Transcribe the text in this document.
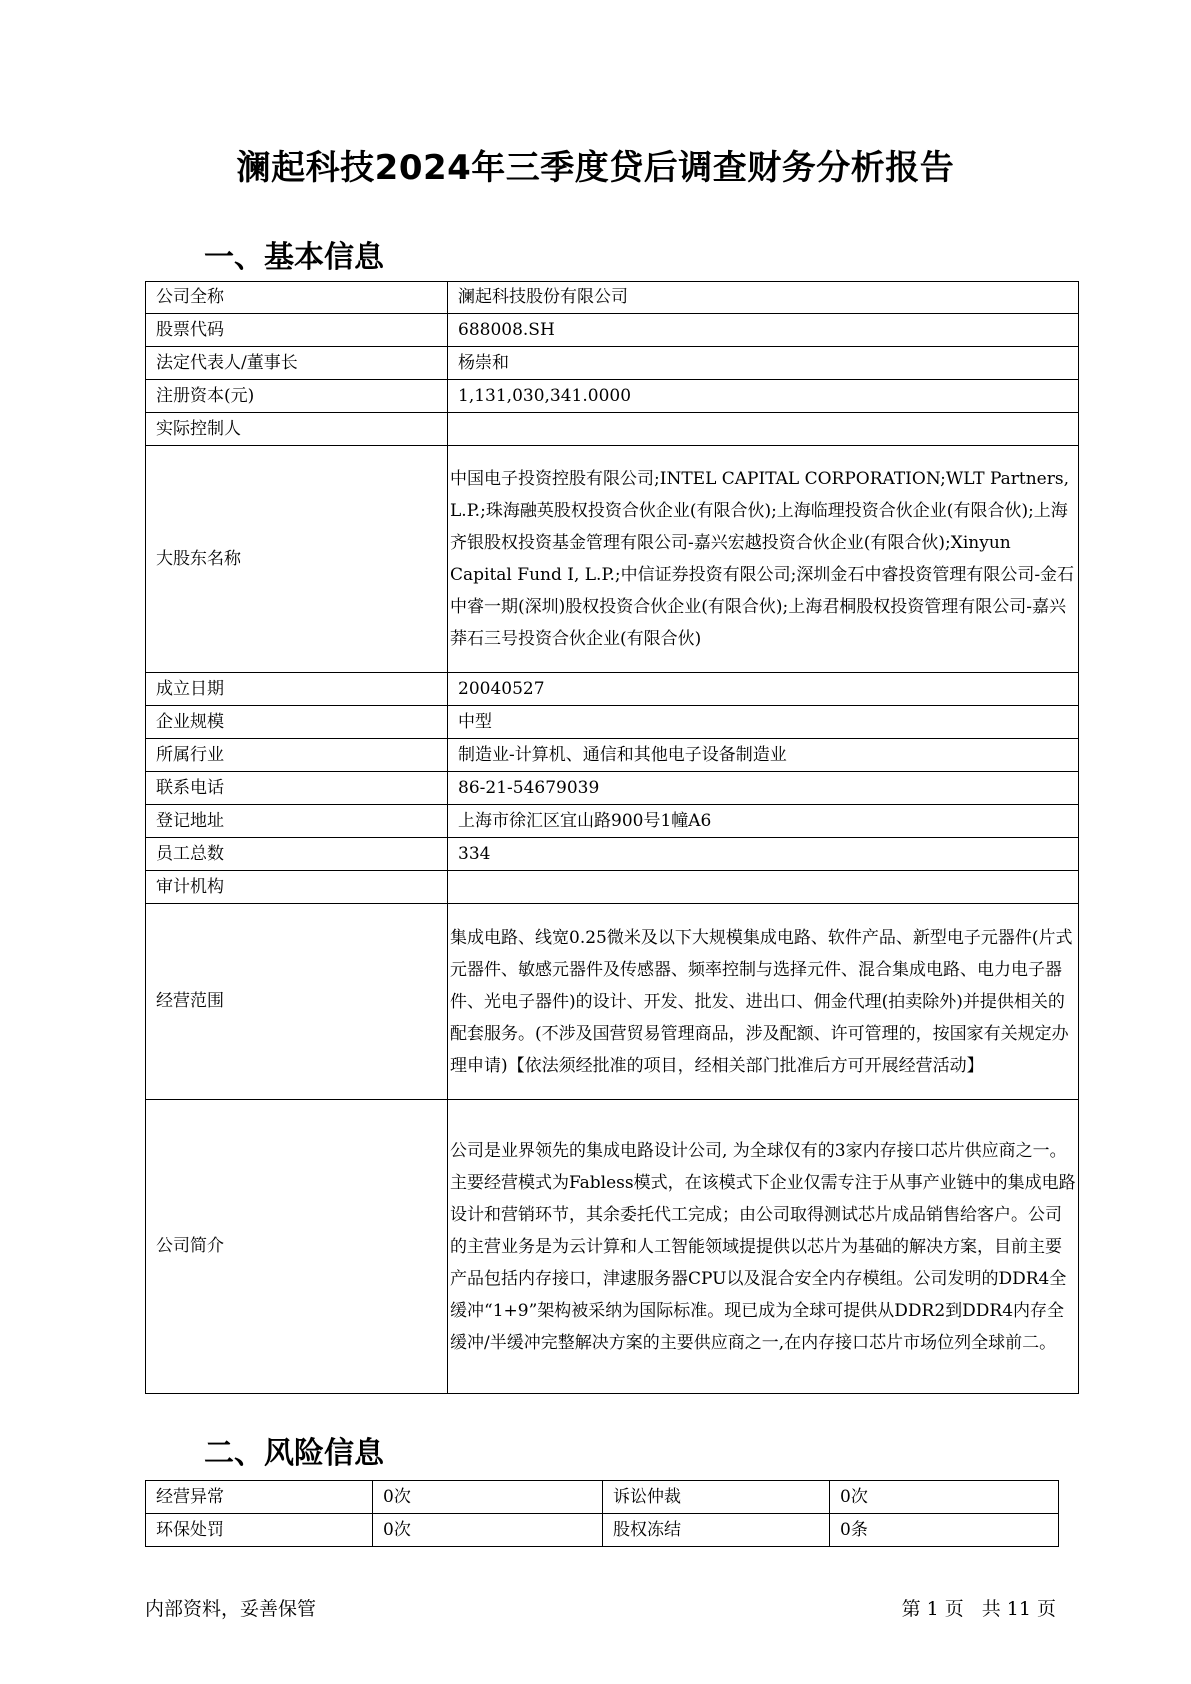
澜起科技2024年三季度贷后调查财务分析报告
一、基本信息
公司全称	澜起科技股份有限公司
股票代码	688008.SH
法定代表人/董事长	杨崇和
注册资本(元)	1,131,030,341.0000
实际控制人	
大股东名称	中国电子投资控股有限公司;INTEL CAPITAL CORPORATION;WLT Partners, L.P.;珠海融英股权投资合伙企业(有限合伙);上海临理投资合伙企业(有限合伙);上海齐银股权投资基金管理有限公司-嘉兴宏越投资合伙企业(有限合伙);Xinyun Capital Fund I, L.P.;中信证券投资有限公司;深圳金石中睿投资管理有限公司-金石中睿一期(深圳)股权投资合伙企业(有限合伙);上海君桐股权投资管理有限公司-嘉兴莽石三号投资合伙企业(有限合伙)
成立日期	20040527
企业规模	中型
所属行业	制造业-计算机、通信和其他电子设备制造业
联系电话	86-21-54679039
登记地址	上海市徐汇区宜山路900号1幢A6
员工总数	334
审计机构	
经营范围	集成电路、线宽0.25微米及以下大规模集成电路、软件产品、新型电子元器件(片式元器件、敏感元器件及传感器、频率控制与选择元件、混合集成电路、电力电子器件、光电子器件)的设计、开发、批发、进出口、佣金代理(拍卖除外)并提供相关的配套服务。(不涉及国营贸易管理商品，涉及配额、许可管理的，按国家有关规定办理申请)【依法须经批准的项目，经相关部门批准后方可开展经营活动】
公司简介	公司是业界领先的集成电路设计公司, 为全球仅有的3家内存接口芯片供应商之一。主要经营模式为Fabless模式，在该模式下企业仅需专注于从事产业链中的集成电路设计和营销环节，其余委托代工完成；由公司取得测试芯片成品销售给客户。公司的主营业务是为云计算和人工智能领域提提供以芯片为基础的解决方案，目前主要产品包括内存接口，津逮服务器CPU以及混合安全内存模组。公司发明的DDR4全缓冲“1+9”架构被采纳为国际标准。现已成为全球可提供从DDR2到DDR4内存全缓冲/半缓冲完整解决方案的主要供应商之一,在内存接口芯片市场位列全球前二。
二、风险信息
经营异常	0次	诉讼仲裁	0次
环保处罚	0次	股权冻结	0条
内部资料，妥善保管	第 1 页 共 11 页
